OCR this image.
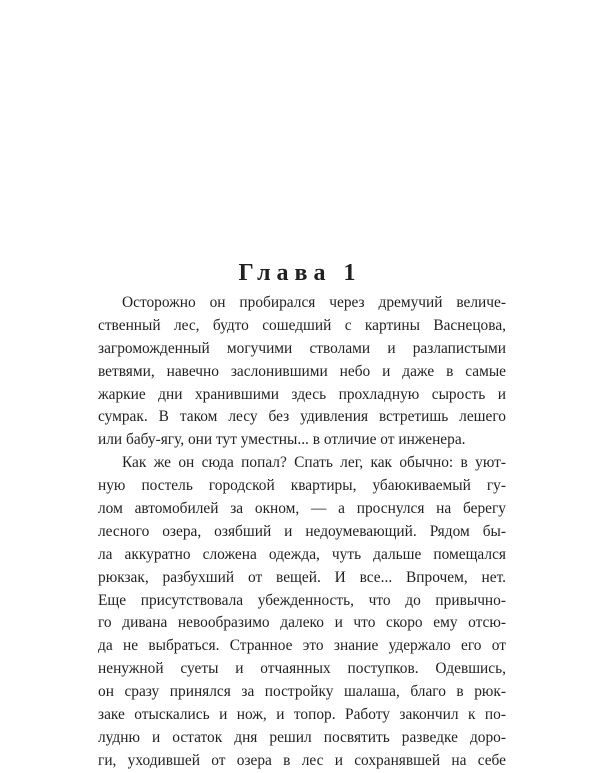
Глава 1
Осторожно он пробирался через дремучий величе-
ственный лес, будто сошедший с картины Васнецова,
загроможденный могучими стволами и разлапистыми
ветвями, навечно заслонившими небо и даже в самые
жаркие дни хранившими здесь прохладную сырость и
сумрак. В таком лесу без удивления встретишь лешего
или бабу-ягу, они тут уместны... в отличие от инженера.
Как же он сюда попал? Спать лег, как обычно: в уют-
ную постель городской квартиры, убаюкиваемый гу-
лом автомобилей за окном, — а проснулся на берегу
лесного озера, озябший и недоумевающий. Рядом бы-
ла аккуратно сложена одежда, чуть дальше помещался
рюкзак, разбухший от вещей. И все... Впрочем, нет.
Еще присутствовала убежденность, что до привычно-
го дивана невообразимо далеко и что скоро ему отсю-
да не выбраться. Странное это знание удержало его от
ненужной суеты и отчаянных поступков. Одевшись,
он сразу принялся за постройку шалаша, благо в рюк-
заке отыскались и нож, и топор. Работу закончил к по-
лудню и остаток дня решил посвятить разведке доро-
ги, уходившей от озера в лес и сохранявшей на себе
